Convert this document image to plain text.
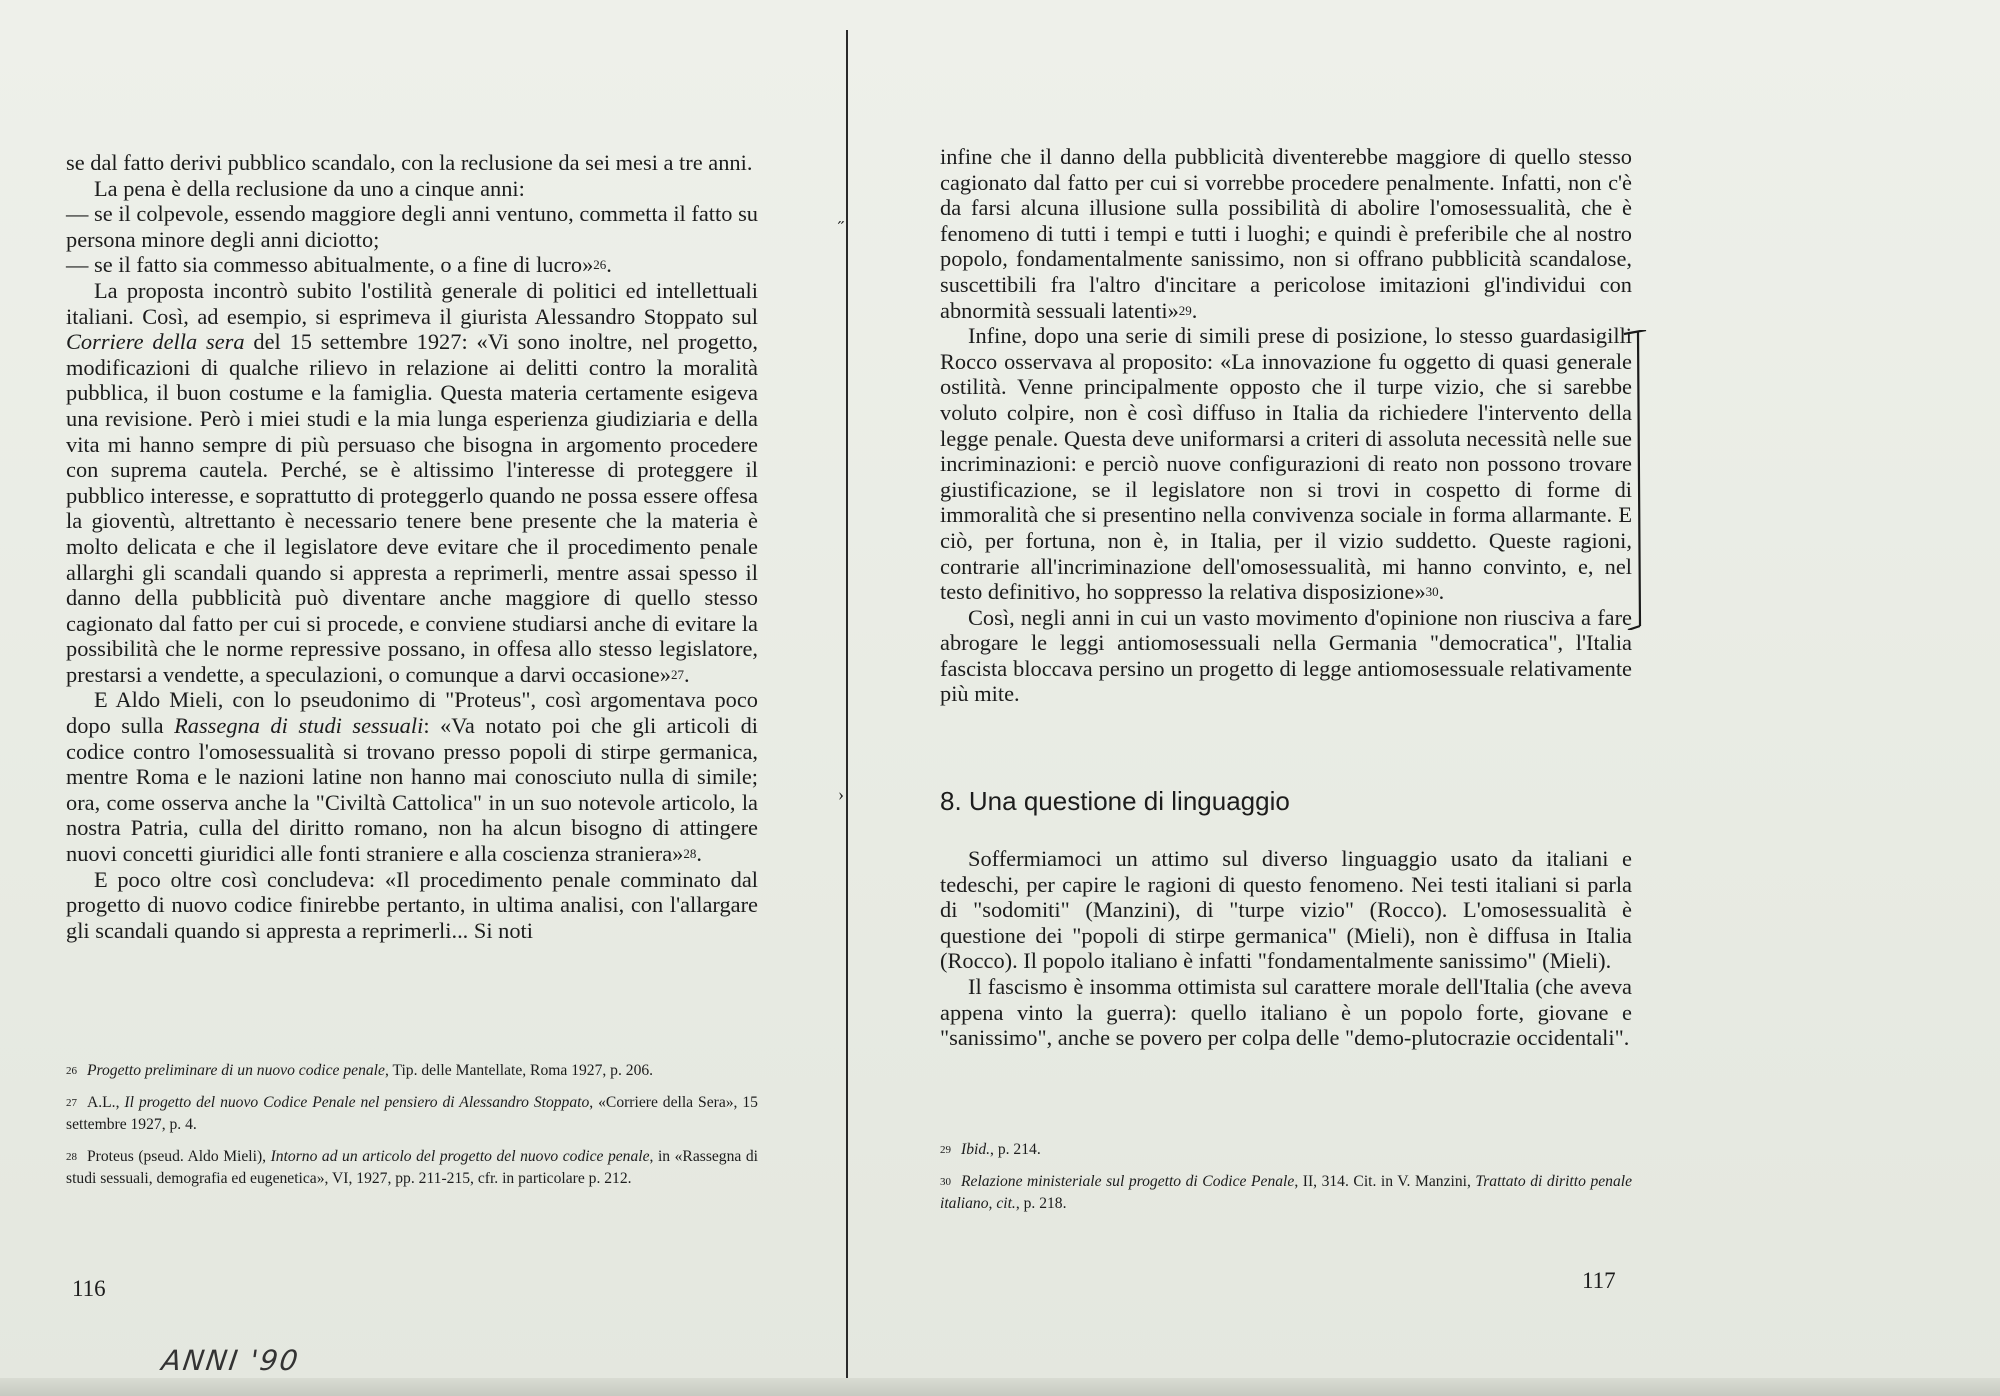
˝
›

se dal fatto derivi pubblico scandalo, con la reclusione da sei mesi a tre anni.

La pena è della reclusione da uno a cinque anni:

— se il colpevole, essendo maggiore degli anni ventuno, commetta il fatto su persona minore degli anni diciotto;

— se il fatto sia commesso abitualmente, o a fine di lucro»$^{26}$.

La proposta incontrò subito l'ostilità generale di politici ed intellettuali italiani. Così, ad esempio, si esprimeva il giurista Alessandro Stoppato sul Corriere della sera del 15 settembre 1927: «Vi sono inoltre, nel progetto, modificazioni di qualche rilievo in relazione ai delitti contro la moralità pubblica, il buon costume e la famiglia. Questa materia certamente esigeva una revisione. Però i miei studi e la mia lunga esperienza giudiziaria e della vita mi hanno sempre di più persuaso che bisogna in argomento procedere con suprema cautela. Perché, se è altissimo l'interesse di proteggere il pubblico interesse, e soprattutto di proteggerlo quando ne possa essere offesa la gioventù, altrettanto è necessario tenere bene presente che la materia è molto delicata e che il legislatore deve evitare che il procedimento penale allarghi gli scandali quando si appresta a reprimerli, mentre assai spesso il danno della pubblicità può diventare anche maggiore di quello stesso cagionato dal fatto per cui si procede, e conviene studiarsi anche di evitare la possibilità che le norme repressive possano, in offesa allo stesso legislatore, prestarsi a vendette, a speculazioni, o comunque a darvi occasione»$^{27}$.

E Aldo Mieli, con lo pseudonimo di "Proteus", così argomentava poco dopo sulla Rassegna di studi sessuali: «Va notato poi che gli articoli di codice contro l'omosessualità si trovano presso popoli di stirpe germanica, mentre Roma e le nazioni latine non hanno mai conosciuto nulla di simile; ora, come osserva anche la "Civiltà Cattolica" in un suo notevole articolo, la nostra Patria, culla del diritto romano, non ha alcun bisogno di attingere nuovi concetti giuridici alle fonti straniere e alla coscienza straniera»$^{28}$.

E poco oltre così concludeva: «Il procedimento penale comminato dal progetto di nuovo codice finirebbe pertanto, in ultima analisi, con l'allargare gli scandali quando si appresta a reprimerli... Si noti

$^{26}$ Progetto preliminare di un nuovo codice penale, Tip. delle Mantellate, Roma 1927, p. 206.

$^{27}$ A.L., Il progetto del nuovo Codice Penale nel pensiero di Alessandro Stoppato, «Corriere della Sera», 15 settembre 1927, p. 4.

$^{28}$ Proteus (pseud. Aldo Mieli), Intorno ad un articolo del progetto del nuovo codice penale, in «Rassegna di studi sessuali, demografia ed eugenetica», VI, 1927, pp. 211-215, cfr. in particolare p. 212.

116
ANNI '90

infine che il danno della pubblicità diventerebbe maggiore di quello stesso cagionato dal fatto per cui si vorrebbe procedere penalmente. Infatti, non c'è da farsi alcuna illusione sulla possibilità di abolire l'omosessualità, che è fenomeno di tutti i tempi e tutti i luoghi; e quindi è preferibile che al nostro popolo, fondamentalmente sanissimo, non si offrano pubblicità scandalose, suscettibili fra l'altro d'incitare a pericolose imitazioni gl'individui con abnormità sessuali latenti»$^{29}$.

Infine, dopo una serie di simili prese di posizione, lo stesso guardasigilli Rocco osservava al proposito: «La innovazione fu oggetto di quasi generale ostilità. Venne principalmente opposto che il turpe vizio, che si sarebbe voluto colpire, non è così diffuso in Italia da richiedere l'intervento della legge penale. Questa deve uniformarsi a criteri di assoluta necessità nelle sue incriminazioni: e perciò nuove configurazioni di reato non possono trovare giustificazione, se il legislatore non si trovi in cospetto di forme di immoralità che si presentino nella convivenza sociale in forma allarmante. E ciò, per fortuna, non è, in Italia, per il vizio suddetto. Queste ragioni, contrarie all'incriminazione dell'omosessualità, mi hanno convinto, e, nel testo definitivo, ho soppresso la relativa disposizione»$^{30}$.

Così, negli anni in cui un vasto movimento d'opinione non riusciva a fare abrogare le leggi antiomosessuali nella Germania "democratica", l'Italia fascista bloccava persino un progetto di legge antiomosessuale relativamente più mite.

8. Una questione di linguaggio

Soffermiamoci un attimo sul diverso linguaggio usato da italiani e tedeschi, per capire le ragioni di questo fenomeno. Nei testi italiani si parla di "sodomiti" (Manzini), di "turpe vizio" (Rocco). L'omosessualità è questione dei "popoli di stirpe germanica" (Mieli), non è diffusa in Italia (Rocco). Il popolo italiano è infatti "fondamentalmente sanissimo" (Mieli).

Il fascismo è insomma ottimista sul carattere morale dell'Italia (che aveva appena vinto la guerra): quello italiano è un popolo forte, giovane e "sanissimo", anche se povero per colpa delle "demo-plutocrazie occidentali".

$^{29}$ Ibid., p. 214.

$^{30}$ Relazione ministeriale sul progetto di Codice Penale, II, 314. Cit. in V. Manzini, Trattato di diritto penale italiano, cit., p. 218.

117
